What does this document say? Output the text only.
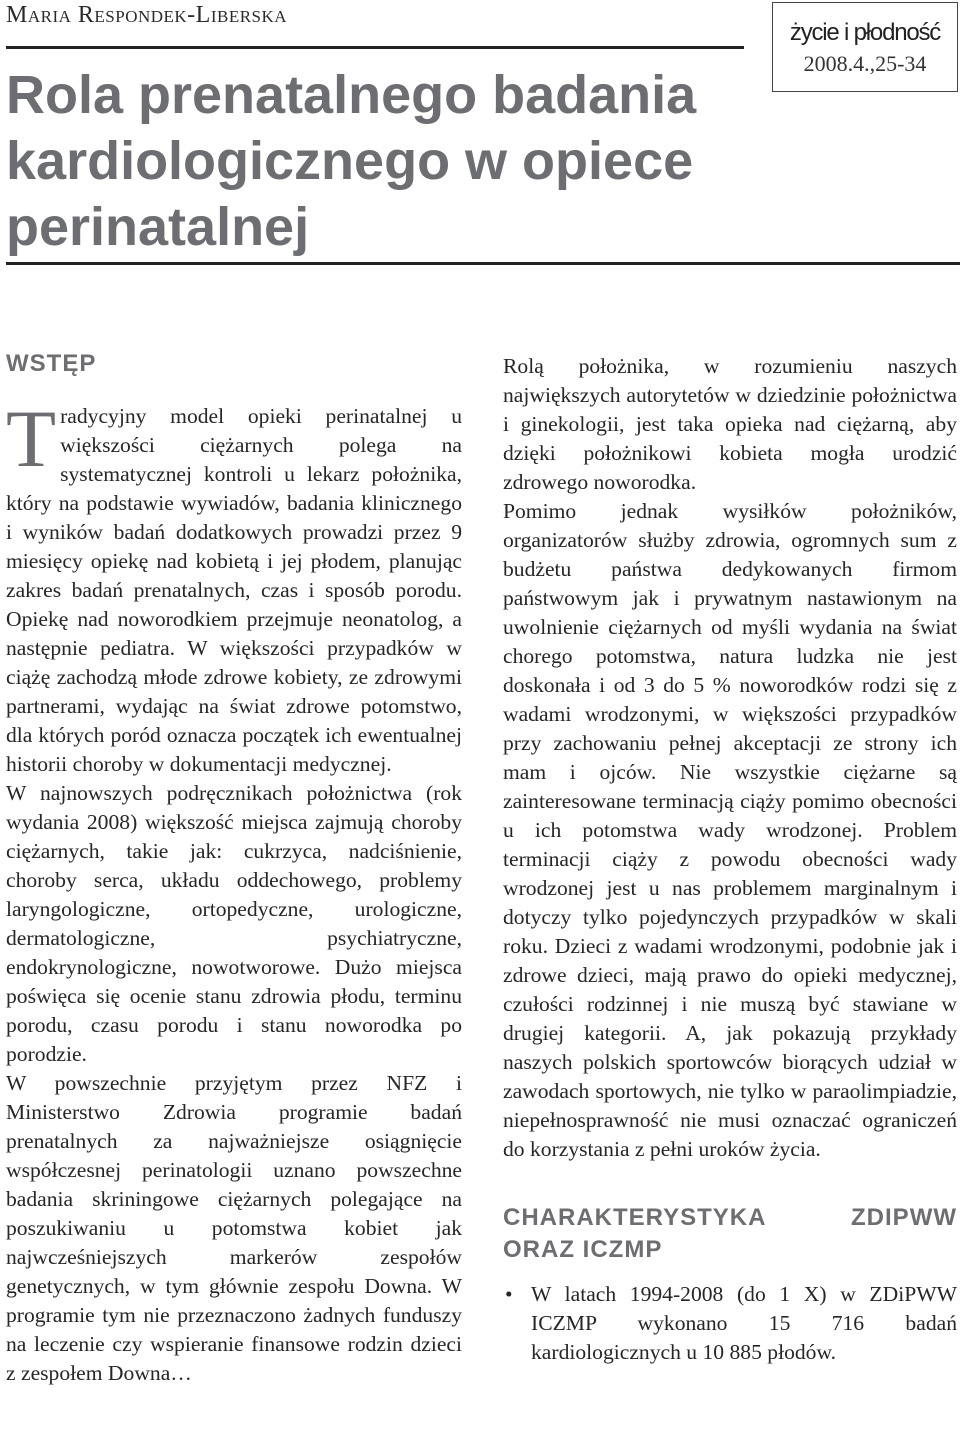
Maria Respondek-Liberska
Rola prenatalnego badania kardiologicznego w opiece perinatalnej
życie i płodność
2008.4.,25-34
WSTĘP

Tradycyjny model opieki perinatalnej u większości ciężarnych polega na systematycznej kontroli u lekarz położnika, który na podstawie wywiadów, badania klinicznego i wyników badań dodatkowych prowadzi przez 9 miesięcy opiekę nad kobietą i jej płodem, planując zakres badań prenatalnych, czas i sposób porodu. Opiekę nad noworodkiem przejmuje neonatolog, a następnie pediatra. W większości przypadków w ciążę zachodzą młode zdrowe kobiety, ze zdrowymi partnerami, wydając na świat zdrowe potomstwo, dla których poród oznacza początek ich ewentualnej historii choroby w dokumentacji medycznej.

W najnowszych podręcznikach położnictwa (rok wydania 2008) większość miejsca zajmują choroby ciężarnych, takie jak: cukrzyca, nadciśnienie, choroby serca, układu oddechowego, problemy laryngologiczne, ortopedyczne, urologiczne, dermatologiczne, psychiatryczne, endokrynologiczne, nowotworowe. Dużo miejsca poświęca się ocenie stanu zdrowia płodu, terminu porodu, czasu porodu i stanu noworodka po porodzie.

W powszechnie przyjętym przez NFZ i Ministerstwo Zdrowia programie badań prenatalnych za najważniejsze osiągnięcie współczesnej perinatologii uznano powszechne badania skriningowe ciężarnych polegające na poszukiwaniu u potomstwa kobiet jak najwcześniejszych markerów zespołów genetycznych, w tym głównie zespołu Downa. W programie tym nie przeznaczono żadnych funduszy na leczenie czy wspieranie finansowe rodzin dzieci z zespołem Downa…

Rolą położnika, w rozumieniu naszych największych autorytetów w dziedzinie położnictwa i ginekologii, jest taka opieka nad ciężarną, aby dzięki położnikowi kobieta mogła urodzić zdrowego noworodka.

Pomimo jednak wysiłków położników, organizatorów służby zdrowia, ogromnych sum z budżetu państwa dedykowanych firmom państwowym jak i prywatnym nastawionym na uwolnienie ciężarnych od myśli wydania na świat chorego potomstwa, natura ludzka nie jest doskonała i od 3 do 5 % noworodków rodzi się z wadami wrodzonymi, w większości przypadków przy zachowaniu pełnej akceptacji ze strony ich mam i ojców. Nie wszystkie ciężarne są zainteresowane terminacją ciąży pomimo obecności u ich potomstwa wady wrodzonej. Problem terminacji ciąży z powodu obecności wady wrodzonej jest u nas problemem marginalnym i dotyczy tylko pojedynczych przypadków w skali roku. Dzieci z wadami wrodzonymi, podobnie jak i zdrowe dzieci, mają prawo do opieki medycznej, czułości rodzinnej i nie muszą być stawiane w drugiej kategorii. A, jak pokazują przykłady naszych polskich sportowców biorących udział w zawodach sportowych, nie tylko w paraolimpiadzie, niepełnosprawność nie musi oznaczać ograniczeń do korzystania z pełni uroków życia.

CHARAKTERYSTYKA ZDIPWW ORAZ ICZMP
• W latach 1994-2008 (do 1 X) w ZDiPWW ICZMP wykonano 15 716 badań kardiologicznych u 10 885 płodów.
